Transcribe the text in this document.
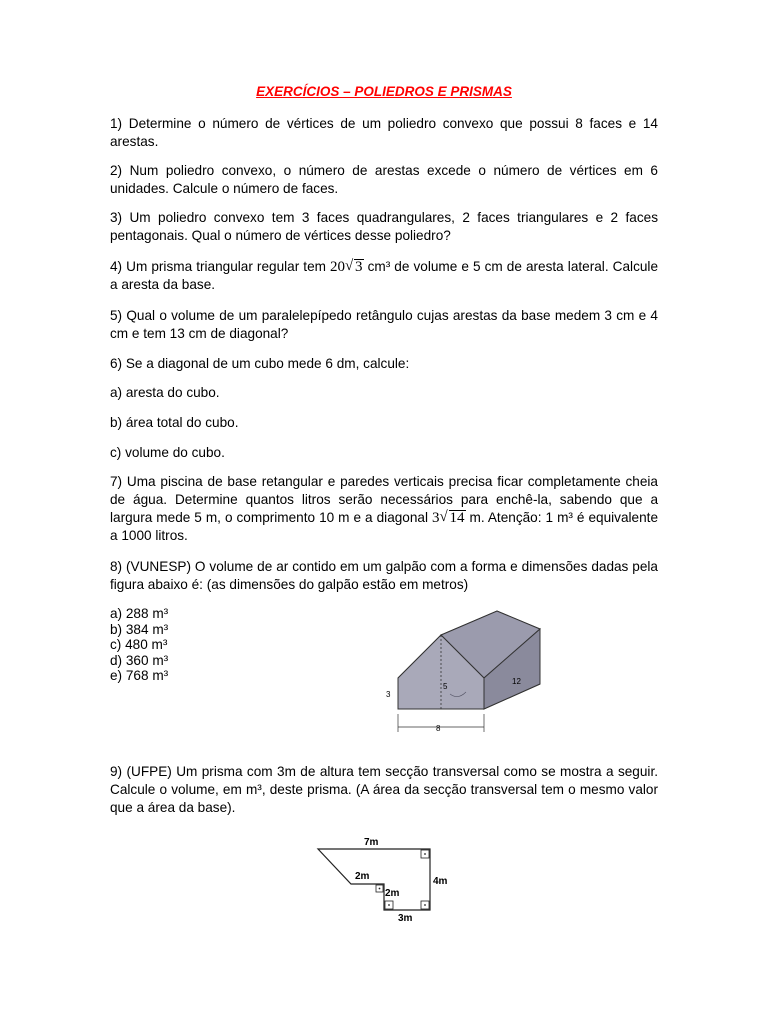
EXERCÍCIOS – POLIEDROS E PRISMAS
1) Determine o número de vértices de um poliedro convexo que possui 8 faces e 14 arestas.
2) Num poliedro convexo, o número de arestas excede o número de vértices em 6 unidades. Calcule o número de faces.
3) Um poliedro convexo tem 3 faces quadrangulares, 2 faces triangulares e 2 faces pentagonais. Qual o número de vértices desse poliedro?
4) Um prisma triangular regular tem 20 √ 3 cm³ de volume e 5 cm de aresta lateral. Calcule a aresta da base.
5) Qual o volume de um paralelepípedo retângulo cujas arestas da base medem 3 cm e 4 cm e tem 13 cm de diagonal?
6) Se a diagonal de um cubo mede 6 dm, calcule:
a) aresta do cubo.
b) área total do cubo.
c) volume do cubo.
7) Uma piscina de base retangular e paredes verticais precisa ficar completamente cheia de água. Determine quantos litros serão necessários para enchê-la, sabendo que a largura mede 5 m, o comprimento 10 m e a diagonal 3 √ 14 m. Atenção: 1 m³ é equivalente a 1000 litros.
8) (VUNESP) O volume de ar contido em um galpão com a forma e dimensões dadas pela figura abaixo é: (as dimensões do galpão estão em metros)
a) 288 m³
b) 384 m³
c) 480 m³
d) 360 m³
e) 768 m³
3
5
8
12
9) (UFPE) Um prisma com 3m de altura tem secção transversal como se mostra a seguir. Calcule o volume, em m³, deste prisma. (A área da secção transversal tem o mesmo valor que a área da base).
7m
4m
2m
2m
3m
